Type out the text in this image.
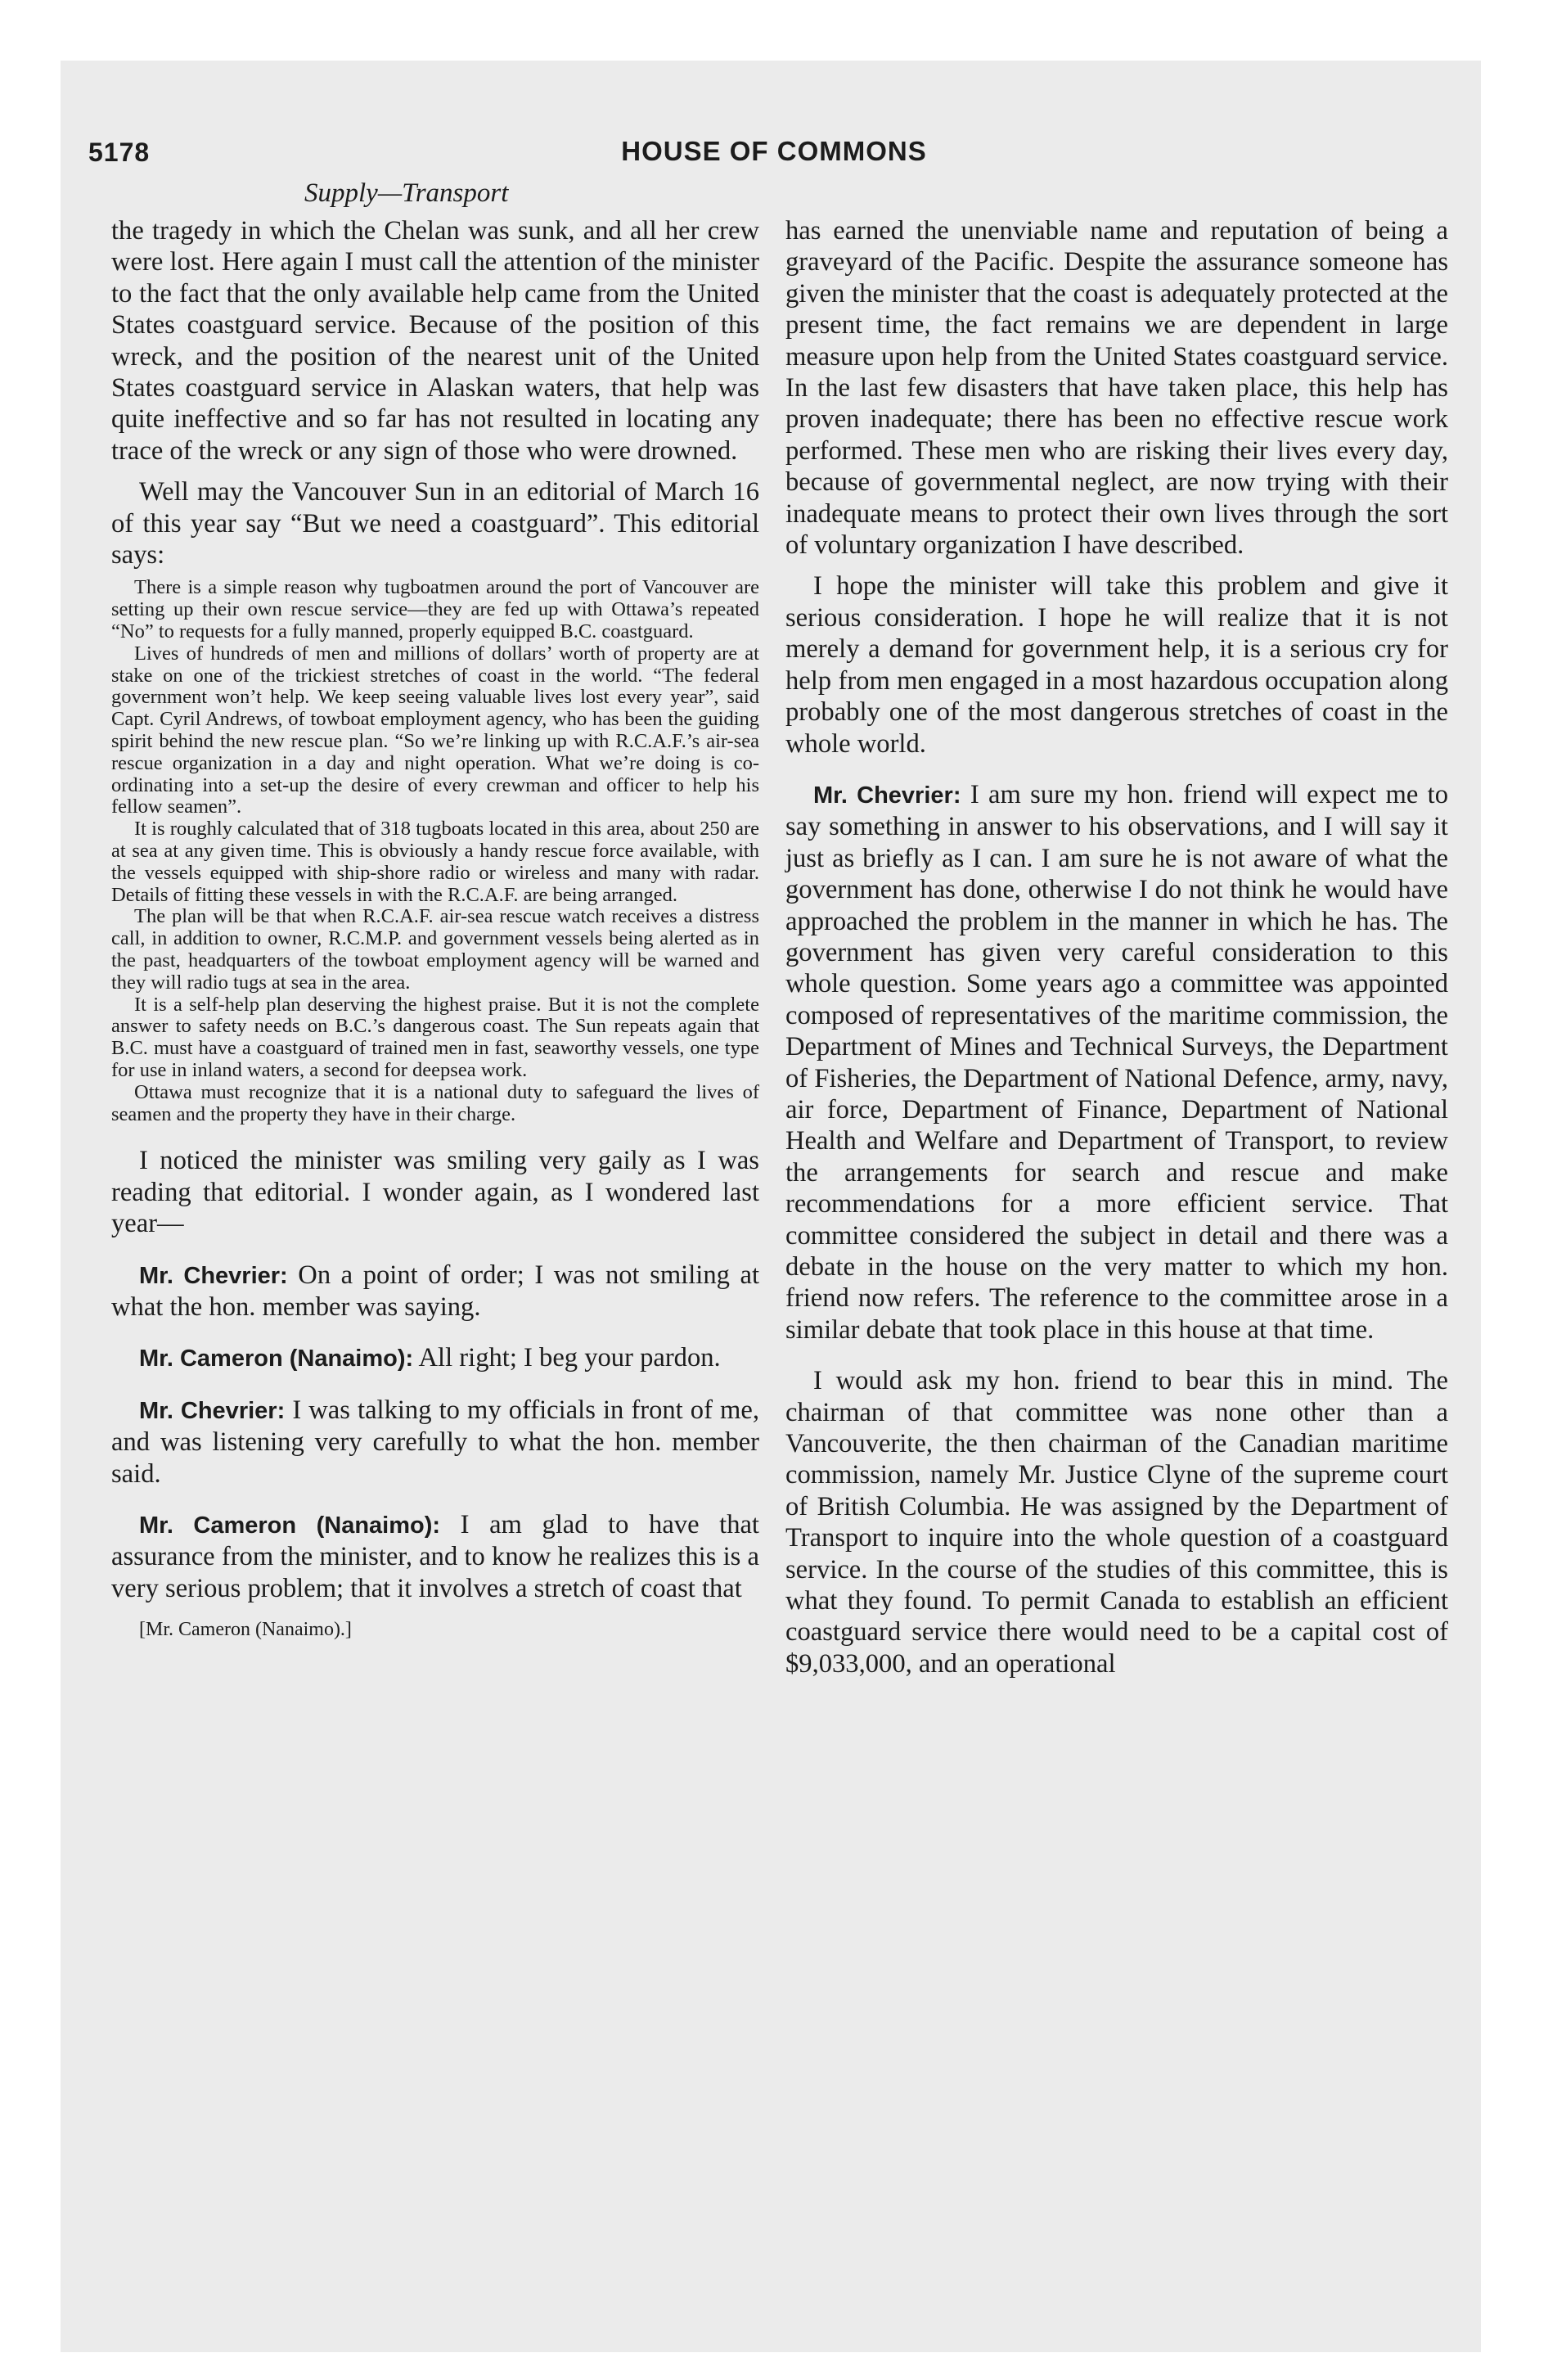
5178	HOUSE OF COMMONS
Supply—Transport

the tragedy in which the Chelan was sunk, and all her crew were lost. Here again I must call the attention of the minister to the fact that the only available help came from the United States coastguard service. Because of the position of this wreck, and the position of the nearest unit of the United States coastguard service in Alaskan waters, that help was quite ineffective and so far has not resulted in locating any trace of the wreck or any sign of those who were drowned.

Well may the Vancouver Sun in an editorial of March 16 of this year say “But we need a coastguard”. This editorial says:

There is a simple reason why tugboatmen around the port of Vancouver are setting up their own rescue service—they are fed up with Ottawa’s repeated “No” to requests for a fully manned, properly equipped B.C. coastguard.

Lives of hundreds of men and millions of dollars’ worth of property are at stake on one of the trickiest stretches of coast in the world. “The federal government won’t help. We keep seeing valuable lives lost every year”, said Capt. Cyril Andrews, of towboat employment agency, who has been the guiding spirit behind the new rescue plan. “So we’re linking up with R.C.A.F.’s air-sea rescue organization in a day and night operation. What we’re doing is co-ordinating into a set-up the desire of every crewman and officer to help his fellow seamen”.

It is roughly calculated that of 318 tugboats located in this area, about 250 are at sea at any given time. This is obviously a handy rescue force available, with the vessels equipped with ship-shore radio or wireless and many with radar. Details of fitting these vessels in with the R.C.A.F. are being arranged.

The plan will be that when R.C.A.F. air-sea rescue watch receives a distress call, in addition to owner, R.C.M.P. and government vessels being alerted as in the past, headquarters of the towboat employment agency will be warned and they will radio tugs at sea in the area.

It is a self-help plan deserving the highest praise. But it is not the complete answer to safety needs on B.C.’s dangerous coast. The Sun repeats again that B.C. must have a coastguard of trained men in fast, seaworthy vessels, one type for use in inland waters, a second for deepsea work.

Ottawa must recognize that it is a national duty to safeguard the lives of seamen and the property they have in their charge.

I noticed the minister was smiling very gaily as I was reading that editorial. I wonder again, as I wondered last year—

Mr. Chevrier: On a point of order; I was not smiling at what the hon. member was saying.

Mr. Cameron (Nanaimo): All right; I beg your pardon.

Mr. Chevrier: I was talking to my officials in front of me, and was listening very carefully to what the hon. member said.

Mr. Cameron (Nanaimo): I am glad to have that assurance from the minister, and to know he realizes this is a very serious problem; that it involves a stretch of coast that

[Mr. Cameron (Nanaimo).]

has earned the unenviable name and reputation of being a graveyard of the Pacific. Despite the assurance someone has given the minister that the coast is adequately protected at the present time, the fact remains we are dependent in large measure upon help from the United States coastguard service. In the last few disasters that have taken place, this help has proven inadequate; there has been no effective rescue work performed. These men who are risking their lives every day, because of governmental neglect, are now trying with their inadequate means to protect their own lives through the sort of voluntary organization I have described.

I hope the minister will take this problem and give it serious consideration. I hope he will realize that it is not merely a demand for government help, it is a serious cry for help from men engaged in a most hazardous occupation along probably one of the most dangerous stretches of coast in the whole world.

Mr. Chevrier: I am sure my hon. friend will expect me to say something in answer to his observations, and I will say it just as briefly as I can. I am sure he is not aware of what the government has done, otherwise I do not think he would have approached the problem in the manner in which he has. The government has given very careful consideration to this whole question. Some years ago a committee was appointed composed of representatives of the maritime commission, the Department of Mines and Technical Surveys, the Department of Fisheries, the Department of National Defence, army, navy, air force, Department of Finance, Department of National Health and Welfare and Department of Transport, to review the arrangements for search and rescue and make recommendations for a more efficient service. That committee considered the subject in detail and there was a debate in the house on the very matter to which my hon. friend now refers. The reference to the committee arose in a similar debate that took place in this house at that time.

I would ask my hon. friend to bear this in mind. The chairman of that committee was none other than a Vancouverite, the then chairman of the Canadian maritime commission, namely Mr. Justice Clyne of the supreme court of British Columbia. He was assigned by the Department of Transport to inquire into the whole question of a coastguard service. In the course of the studies of this committee, this is what they found. To permit Canada to establish an efficient coastguard service there would need to be a capital cost of $9,033,000, and an operational
